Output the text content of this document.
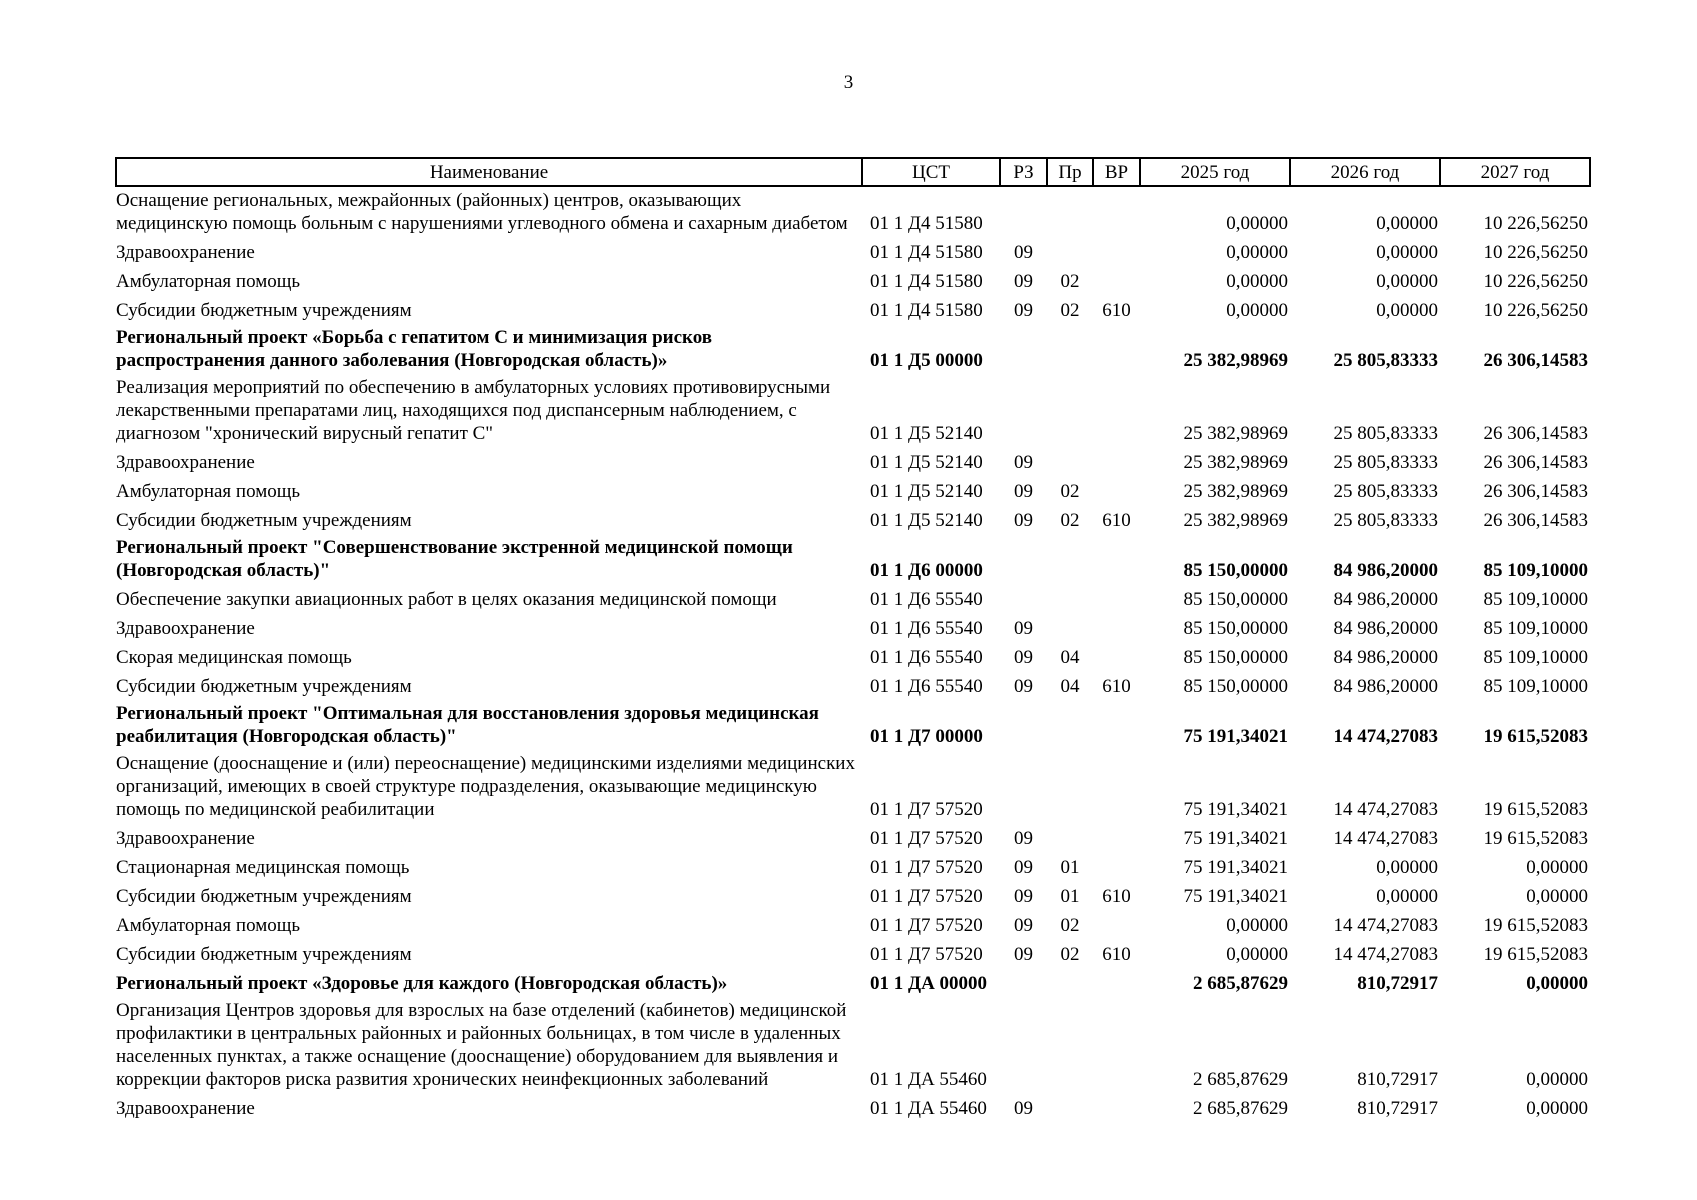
3
Наименование	ЦСТ	РЗ	Пр	ВР	2025 год	2026 год	2027 год
Оснащение региональных, межрайонных (районных) центров, оказывающих медицинскую помощь больным с нарушениями углеводного обмена и сахарным диабетом	01 1 Д4 51580				0,00000	0,00000	10 226,56250
Здравоохранение	01 1 Д4 51580	09			0,00000	0,00000	10 226,56250
Амбулаторная помощь	01 1 Д4 51580	09	02		0,00000	0,00000	10 226,56250
Субсидии бюджетным учреждениям	01 1 Д4 51580	09	02	610	0,00000	0,00000	10 226,56250
Региональный проект «Борьба с гепатитом С и минимизация рисков распространения данного заболевания (Новгородская область)»	01 1 Д5 00000				25 382,98969	25 805,83333	26 306,14583
Реализация мероприятий по обеспечению в амбулаторных условиях противовирусными лекарственными препаратами лиц, находящихся под диспансерным наблюдением, с диагнозом "хронический вирусный гепатит С"	01 1 Д5 52140				25 382,98969	25 805,83333	26 306,14583
Здравоохранение	01 1 Д5 52140	09			25 382,98969	25 805,83333	26 306,14583
Амбулаторная помощь	01 1 Д5 52140	09	02		25 382,98969	25 805,83333	26 306,14583
Субсидии бюджетным учреждениям	01 1 Д5 52140	09	02	610	25 382,98969	25 805,83333	26 306,14583
Региональный проект "Совершенствование экстренной медицинской помощи (Новгородская область)"	01 1 Д6 00000				85 150,00000	84 986,20000	85 109,10000
Обеспечение закупки авиационных работ в целях оказания медицинской помощи	01 1 Д6 55540				85 150,00000	84 986,20000	85 109,10000
Здравоохранение	01 1 Д6 55540	09			85 150,00000	84 986,20000	85 109,10000
Скорая медицинская помощь	01 1 Д6 55540	09	04		85 150,00000	84 986,20000	85 109,10000
Субсидии бюджетным учреждениям	01 1 Д6 55540	09	04	610	85 150,00000	84 986,20000	85 109,10000
Региональный проект "Оптимальная для восстановления здоровья медицинская реабилитация (Новгородская область)"	01 1 Д7 00000				75 191,34021	14 474,27083	19 615,52083
Оснащение (дооснащение и (или) переоснащение) медицинскими изделиями медицинских организаций, имеющих в своей структуре подразделения, оказывающие медицинскую помощь по медицинской реабилитации	01 1 Д7 57520				75 191,34021	14 474,27083	19 615,52083
Здравоохранение	01 1 Д7 57520	09			75 191,34021	14 474,27083	19 615,52083
Стационарная медицинская помощь	01 1 Д7 57520	09	01		75 191,34021	0,00000	0,00000
Субсидии бюджетным учреждениям	01 1 Д7 57520	09	01	610	75 191,34021	0,00000	0,00000
Амбулаторная помощь	01 1 Д7 57520	09	02		0,00000	14 474,27083	19 615,52083
Субсидии бюджетным учреждениям	01 1 Д7 57520	09	02	610	0,00000	14 474,27083	19 615,52083
Региональный проект «Здоровье для каждого (Новгородская область)»	01 1 ДА 00000				2 685,87629	810,72917	0,00000
Организация Центров здоровья для взрослых на базе отделений (кабинетов) медицинской профилактики в центральных районных и районных больницах, в том числе в удаленных населенных пунктах, а также оснащение (дооснащение) оборудованием для выявления и коррекции факторов риска развития хронических неинфекционных заболеваний	01 1 ДА 55460				2 685,87629	810,72917	0,00000
Здравоохранение	01 1 ДА 55460	09			2 685,87629	810,72917	0,00000
